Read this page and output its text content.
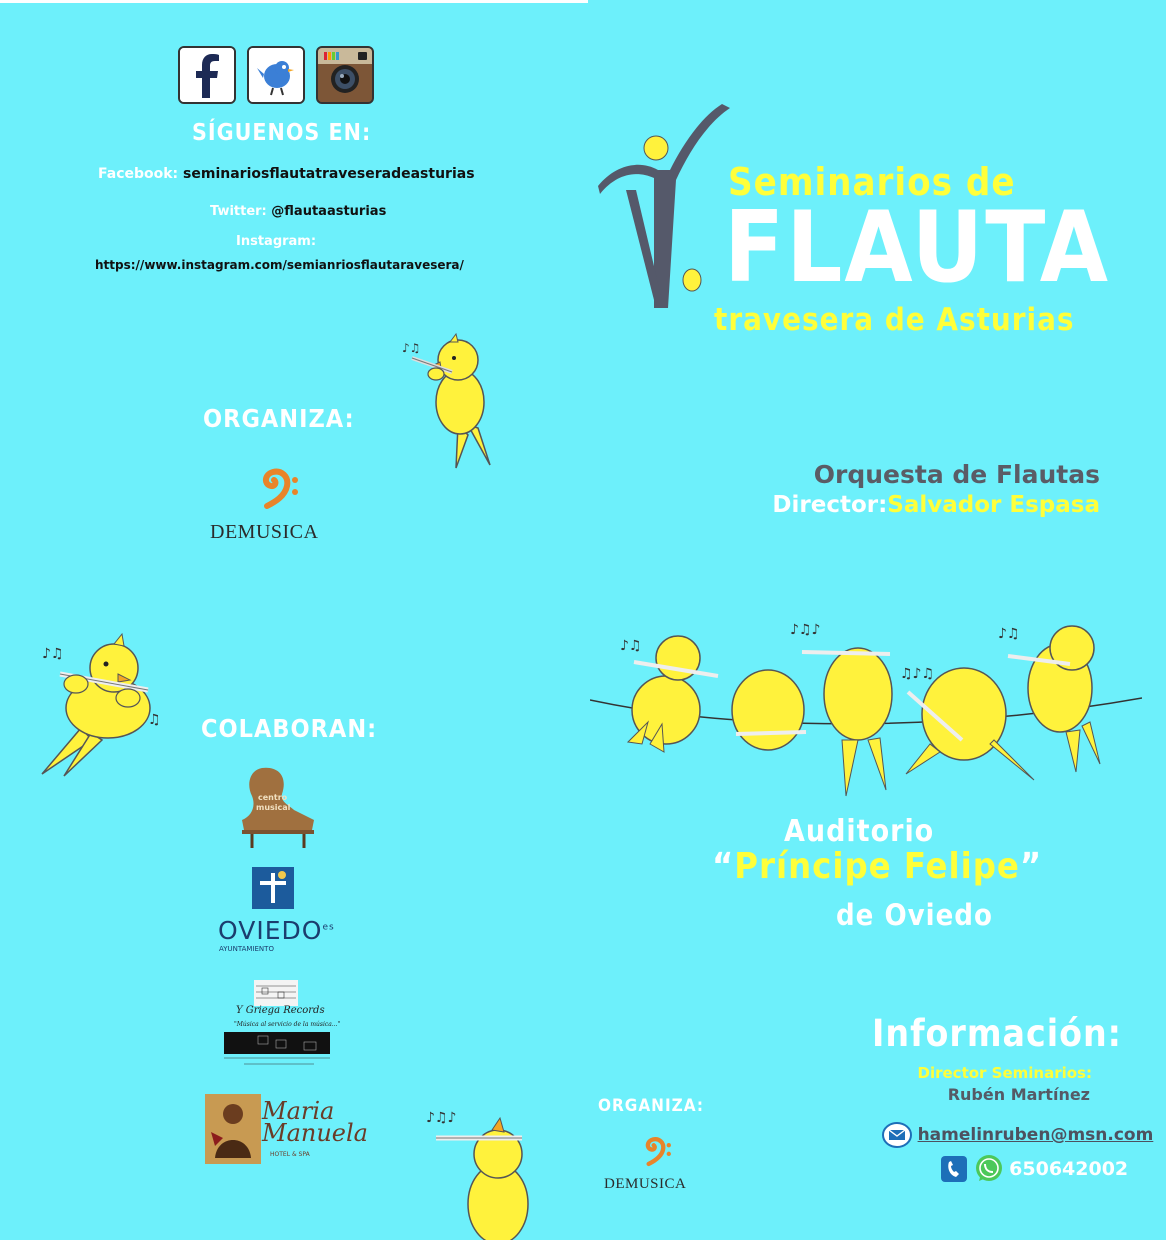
SÍGUENOS EN:
Facebook: seminariosflautatraveseradeasturias
Twitter: @flautaasturias
Instagram:
https://www.instagram.com/semianriosflautaravesera/
♪♫
ORGANIZA:
DEMUSICA
♪♫
♫ COLABORAN:
centro
musical
$OVIEDO^{es}$
AYUNTAMIENTO
Y Griega Records
"Música al servicio de la música..."
Maria Manuela
HOTEL & SPA
♪♫♪
ORGANIZA:
DEMUSICA
Seminarios de
FLAUTA
travesera de Asturias
Orquesta de Flautas
Director:Salvador Espasa
♪♫
♪♫♪
♫♪♫
♪♫
Auditorio
“Príncipe Felipe”
de Oviedo
Información:
Director Seminarios:
Rubén Martínez
hamelinruben@msn.com
650642002
